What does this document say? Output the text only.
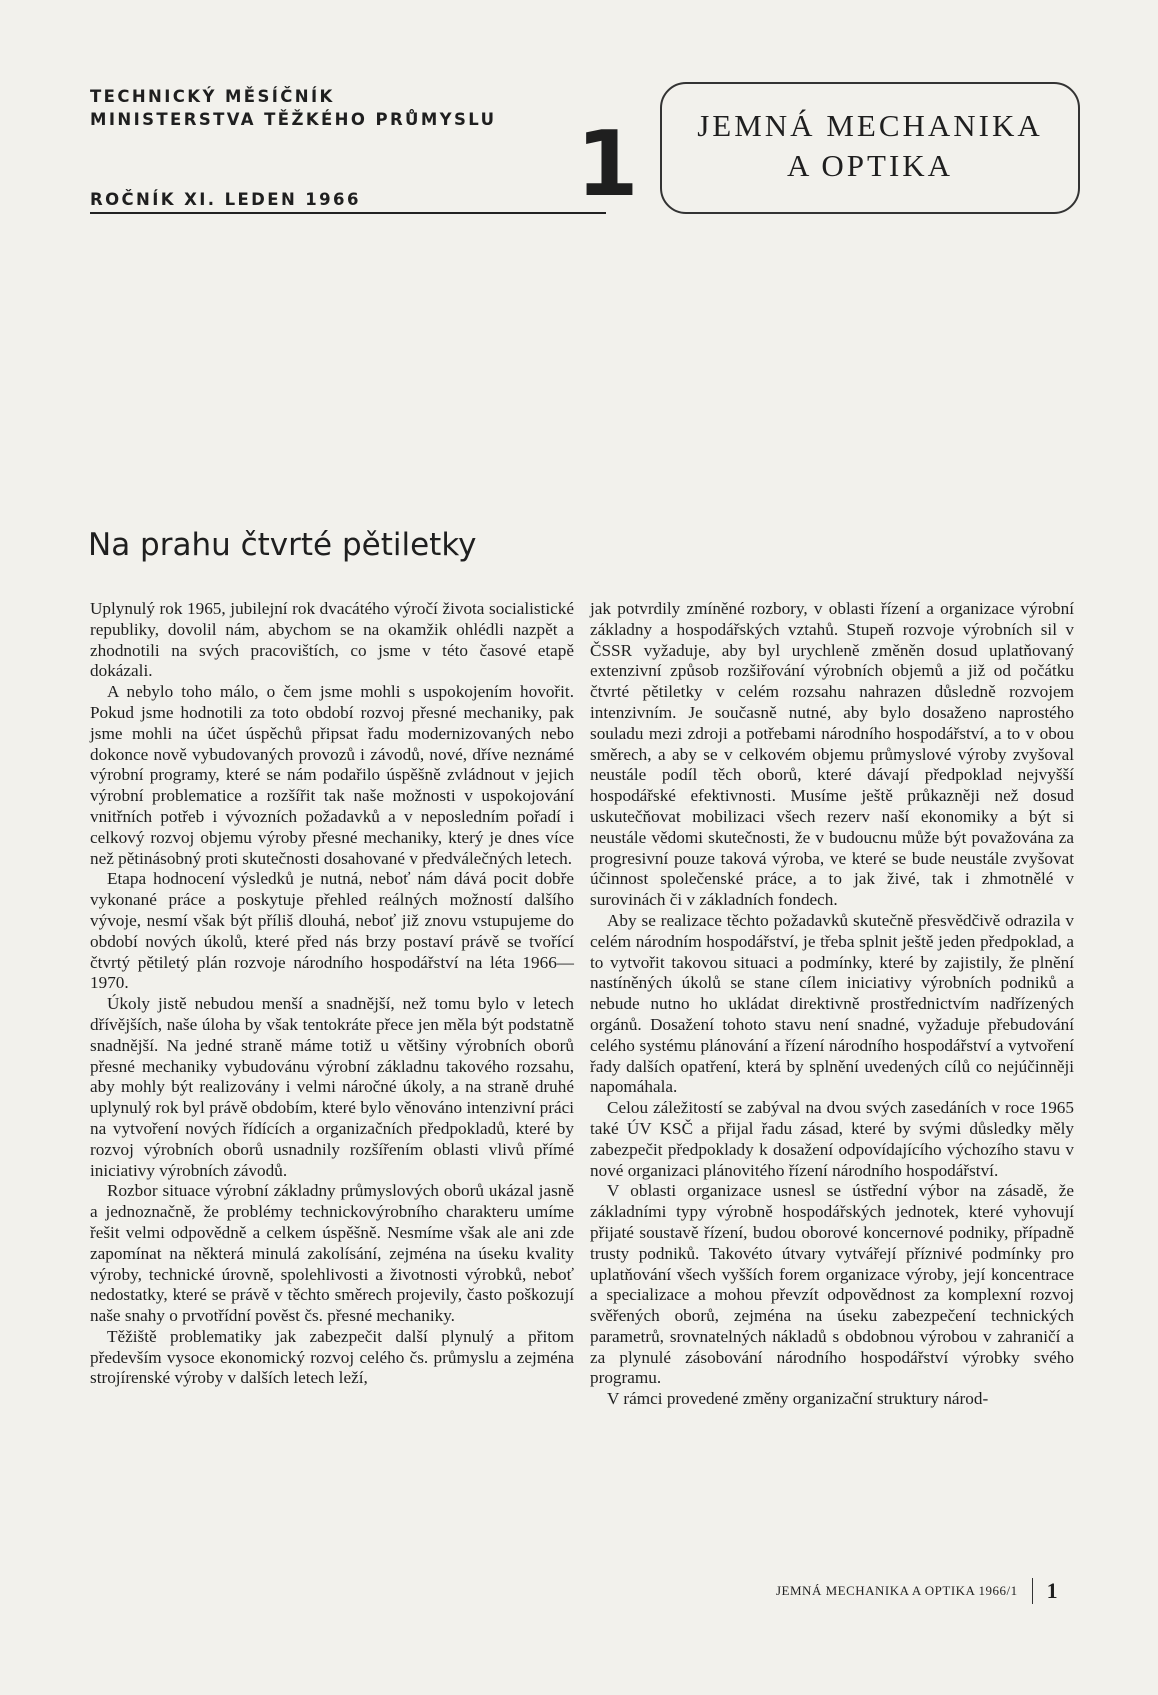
TECHNICKÝ MĚSÍČNÍK

MINISTERSTVA TĚŽKÉHO PRŮMYSLU

ROČNÍK XI. LEDEN 1966 1	JEMNÁ MECHANIKA

A OPTIKA

Na prahu čtvrté pětiletky

Uplynulý rok 1965, jubilejní rok dvacátého výročí života socialistické republiky, dovolil nám, abychom se na okamžik ohlédli nazpět a zhodnotili na svých pracovištích, co jsme v této časové etapě dokázali.

A nebylo toho málo, o čem jsme mohli s uspokojením hovořit. Pokud jsme hodnotili za toto období rozvoj přesné mechaniky, pak jsme mohli na účet úspěchů připsat řadu modernizovaných nebo dokonce nově vybudovaných provozů i závodů, nové, dříve neznámé výrobní programy, které se nám podařilo úspěšně zvládnout v jejich výrobní problematice a rozšířit tak naše možnosti v uspokojování vnitřních potřeb i vývozních požadavků a v neposledním pořadí i celkový rozvoj objemu výroby přesné mechaniky, který je dnes více než pětinásobný proti skutečnosti dosahované v předválečných letech.

Etapa hodnocení výsledků je nutná, neboť nám dává pocit dobře vykonané práce a poskytuje přehled reálných možností dalšího vývoje, nesmí však být příliš dlouhá, neboť již znovu vstupujeme do období nových úkolů, které před nás brzy postaví právě se tvořící čtvrtý pětiletý plán rozvoje národního hospodářství na léta 1966—1970.

Úkoly jistě nebudou menší a snadnější, než tomu bylo v letech dřívějších, naše úloha by však tentokráte přece jen měla být podstatně snadnější. Na jedné straně máme totiž u většiny výrobních oborů přesné mechaniky vybudovánu výrobní základnu takového rozsahu, aby mohly být realizovány i velmi náročné úkoly, a na straně druhé uplynulý rok byl právě obdobím, které bylo věnováno intenzivní práci na vytvoření nových řídících a organizačních předpokladů, které by rozvoj výrobních oborů usnadnily rozšířením oblasti vlivů přímé iniciativy výrobních závodů.

Rozbor situace výrobní základny průmyslových oborů ukázal jasně a jednoznačně, že problémy technickovýrobního charakteru umíme řešit velmi odpovědně a celkem úspěšně. Nesmíme však ale ani zde zapomínat na některá minulá zakolísání, zejména na úseku kvality výroby, technické úrovně, spolehlivosti a životnosti výrobků, neboť nedostatky, které se právě v těchto směrech projevily, často poškozují naše snahy o prvotřídní pověst čs. přesné mechaniky.

Těžiště problematiky jak zabezpečit další plynulý a přitom především vysoce ekonomický rozvoj celého čs. průmyslu a zejména strojírenské výroby v dalších letech leží,

jak potvrdily zmíněné rozbory, v oblasti řízení a organizace výrobní základny a hospodářských vztahů. Stupeň rozvoje výrobních sil v ČSSR vyžaduje, aby byl urychleně změněn dosud uplatňovaný extenzivní způsob rozšiřování výrobních objemů a již od počátku čtvrté pětiletky v celém rozsahu nahrazen důsledně rozvojem intenzivním. Je současně nutné, aby bylo dosaženo naprostého souladu mezi zdroji a potřebami národního hospodářství, a to v obou směrech, a aby se v celkovém objemu průmyslové výroby zvyšoval neustále podíl těch oborů, které dávají předpoklad nejvyšší hospodářské efektivnosti. Musíme ještě průkazněji než dosud uskutečňovat mobilizaci všech rezerv naší ekonomiky a být si neustále vědomi skutečnosti, že v budoucnu může být považována za progresivní pouze taková výroba, ve které se bude neustále zvyšovat účinnost společenské práce, a to jak živé, tak i zhmotnělé v surovinách či v základních fondech.

Aby se realizace těchto požadavků skutečně přesvědčivě odrazila v celém národním hospodářství, je třeba splnit ještě jeden předpoklad, a to vytvořit takovou situaci a podmínky, které by zajistily, že plnění nastíněných úkolů se stane cílem iniciativy výrobních podniků a nebude nutno ho ukládat direktivně prostřednictvím nadřízených orgánů. Dosažení tohoto stavu není snadné, vyžaduje přebudování celého systému plánování a řízení národního hospodářství a vytvoření řady dalších opatření, která by splnění uvedených cílů co nejúčinněji napomáhala.

Celou záležitostí se zabýval na dvou svých zasedáních v roce 1965 také ÚV KSČ a přijal řadu zásad, které by svými důsledky měly zabezpečit předpoklady k dosažení odpovídajícího výchozího stavu v nové organizaci plánovitého řízení národního hospodářství.

V oblasti organizace usnesl se ústřední výbor na zásadě, že základními typy výrobně hospodářských jednotek, které vyhovují přijaté soustavě řízení, budou oborové koncernové podniky, případně trusty podniků. Takovéto útvary vytvářejí příznivé podmínky pro uplatňování všech vyšších forem organizace výroby, její koncentrace a specializace a mohou převzít odpovědnost za komplexní rozvoj svěřených oborů, zejména na úseku zabezpečení technických parametrů, srovnatelných nákladů s obdobnou výrobou v zahraničí a za plynulé zásobování národního hospodářství výrobky svého programu.

V rámci provedené změny organizační struktury národ-

JEMNÁ MECHANIKA A OPTIKA 1966/1 1
